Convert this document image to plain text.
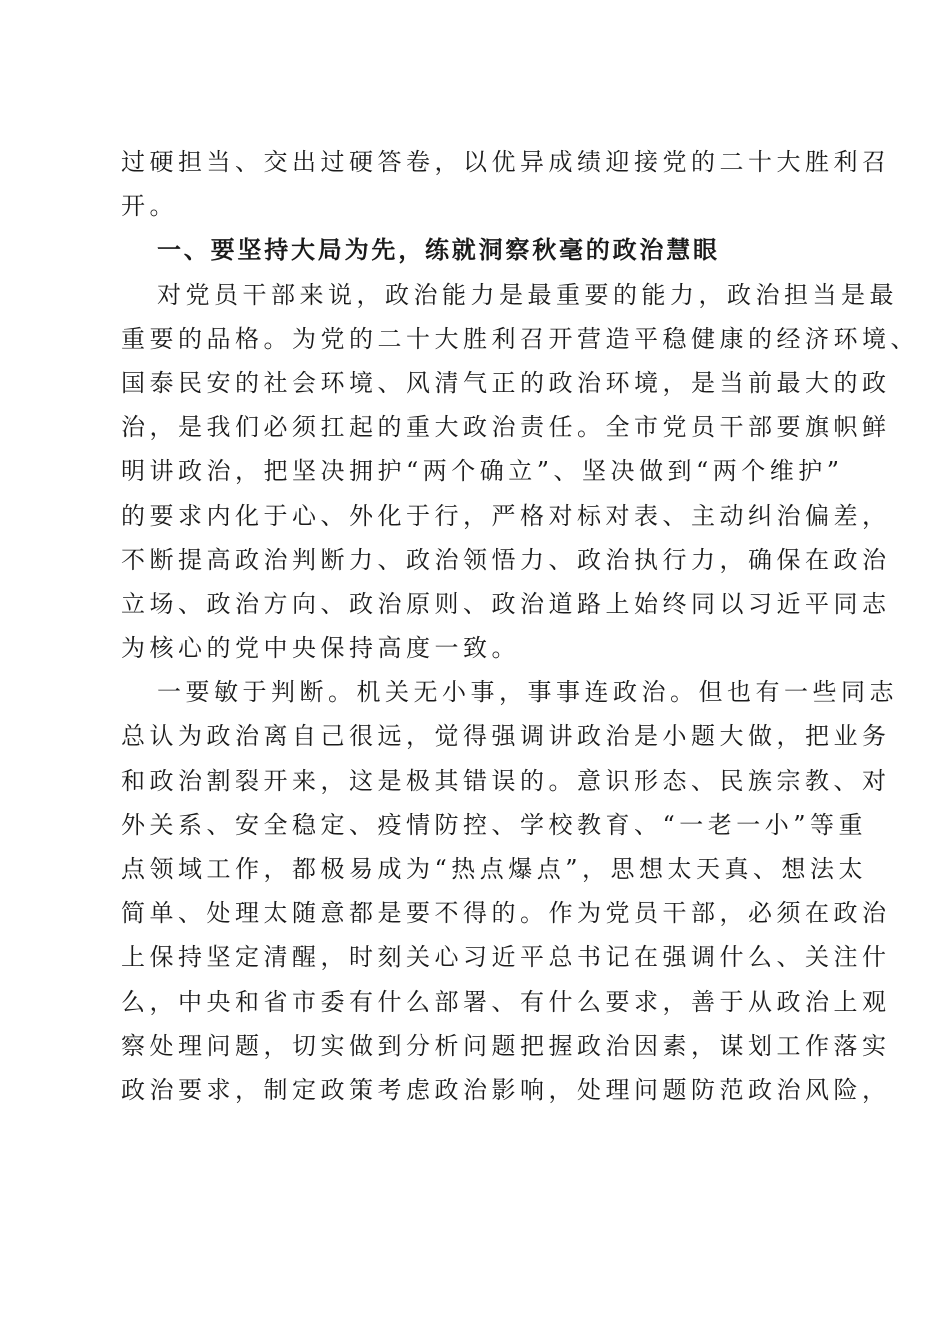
过硬担当、交出过硬答卷，以优异成绩迎接党的二十大胜利召
开。
一、要坚持大局为先，练就洞察秋毫的政治慧眼
对党员干部来说，政治能力是最重要的能力，政治担当是最
重要的品格。为党的二十大胜利召开营造平稳健康的经济环境、
国泰民安的社会环境、风清气正的政治环境，是当前最大的政
治，是我们必须扛起的重大政治责任。全市党员干部要旗帜鲜
明讲政治，把坚决拥护“两个确立”、坚决做到“两个维护”
的要求内化于心、外化于行，严格对标对表、主动纠治偏差，
不断提高政治判断力、政治领悟力、政治执行力，确保在政治
立场、政治方向、政治原则、政治道路上始终同以习近平同志
为核心的党中央保持高度一致。
一要敏于判断。机关无小事，事事连政治。但也有一些同志
总认为政治离自己很远，觉得强调讲政治是小题大做，把业务
和政治割裂开来，这是极其错误的。意识形态、民族宗教、对
外关系、安全稳定、疫情防控、学校教育、“一老一小”等重
点领域工作，都极易成为“热点爆点”，思想太天真、想法太
简单、处理太随意都是要不得的。作为党员干部，必须在政治
上保持坚定清醒，时刻关心习近平总书记在强调什么、关注什
么，中央和省市委有什么部署、有什么要求，善于从政治上观
察处理问题，切实做到分析问题把握政治因素，谋划工作落实
政治要求，制定政策考虑政治影响，处理问题防范政治风险，
